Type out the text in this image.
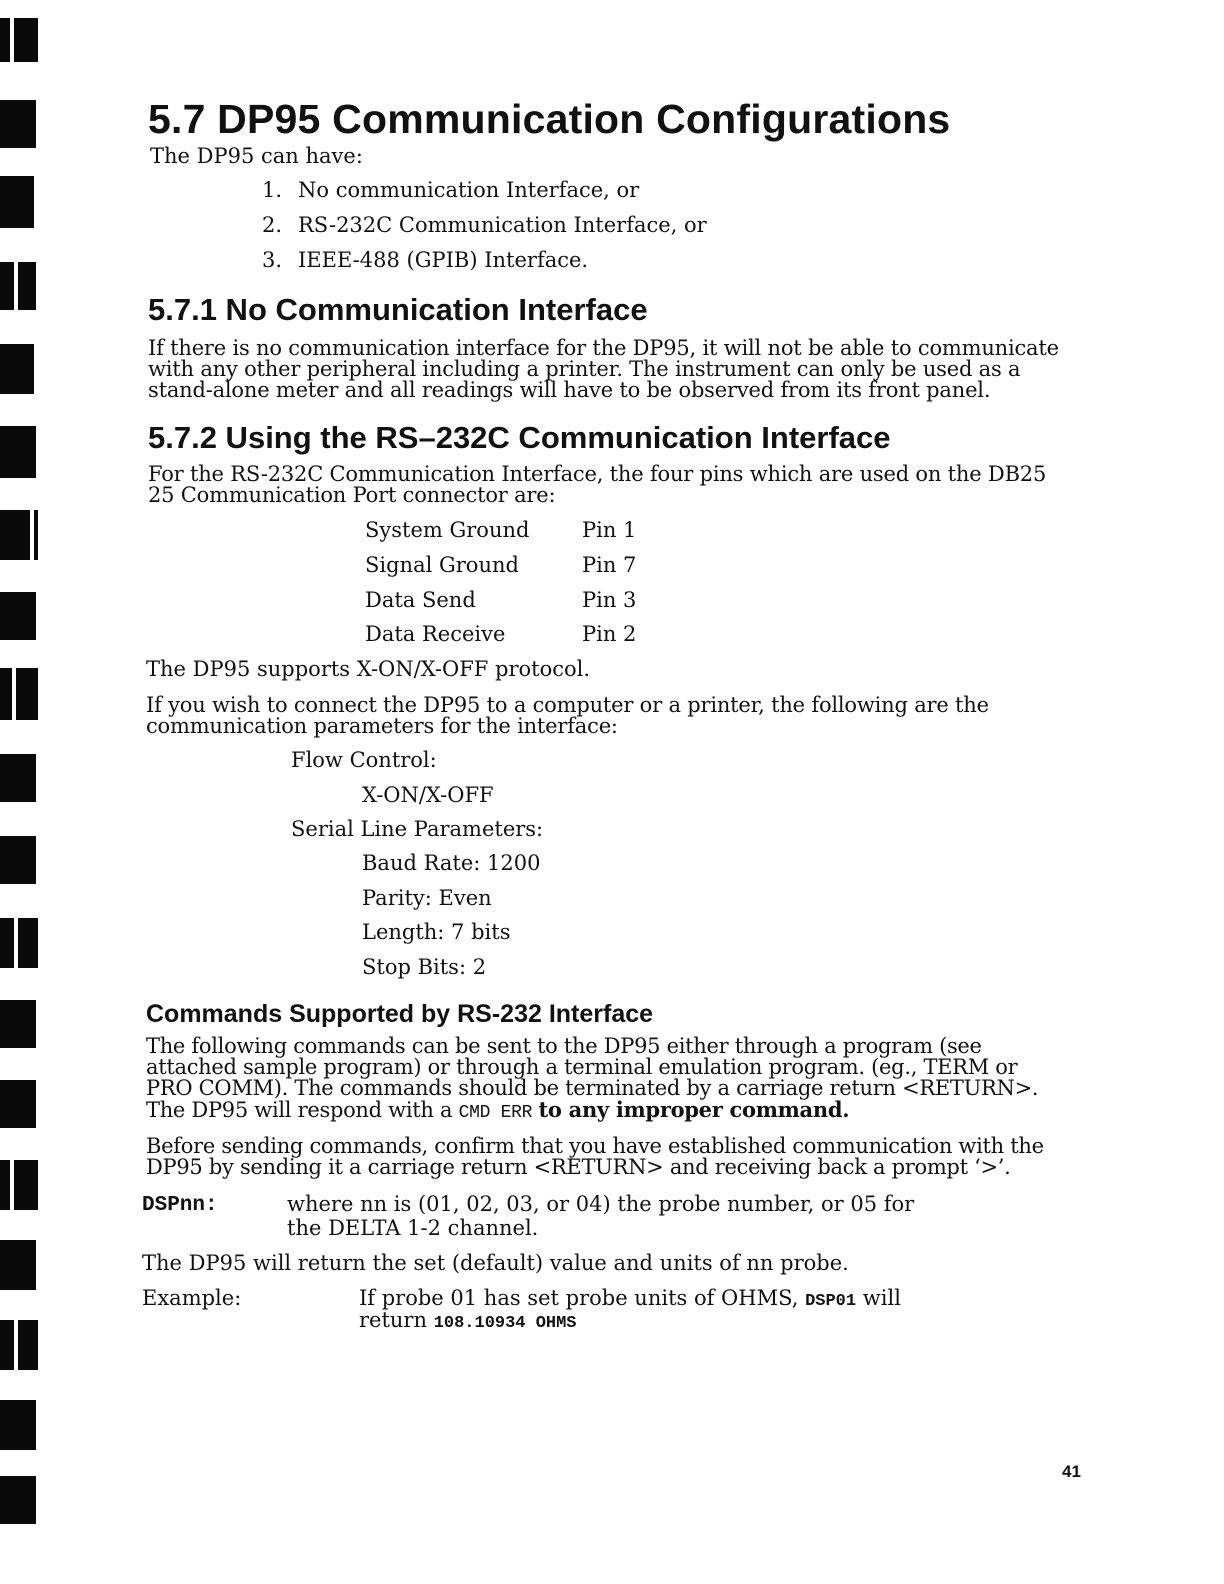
5.7 DP95 Communication Configurations
The DP95 can have:
1. No communication Interface, or
2. RS-232C Communication Interface, or
3. IEEE-488 (GPIB) Interface.
5.7.1 No Communication Interface
If there is no communication interface for the DP95, it will not be able to communicate
with any other peripheral including a printer. The instrument can only be used as a
stand-alone meter and all readings will have to be observed from its front panel.
5.7.2 Using the RS–232C Communication Interface
For the RS-232C Communication Interface, the four pins which are used on the DB25
25 Communication Port connector are:
System Ground	Pin 1
Signal Ground	Pin 7
Data Send	Pin 3
Data Receive	Pin 2
The DP95 supports X-ON/X-OFF protocol.
If you wish to connect the DP95 to a computer or a printer, the following are the
communication parameters for the interface:
Flow Control:
X-ON/X-OFF
Serial Line Parameters:
Baud Rate: 1200
Parity: Even
Length: 7 bits
Stop Bits: 2
Commands Supported by RS-232 Interface
The following commands can be sent to the DP95 either through a program (see
attached sample program) or through a terminal emulation program. (eg., TERM or
PRO COMM). The commands should be terminated by a carriage return <RETURN>.
The DP95 will respond with a CMD ERR to any improper command.
Before sending commands, confirm that you have established communication with the
DP95 by sending it a carriage return <RETURN> and receiving back a prompt ‘>’.
DSPnn:	where nn is (01, 02, 03, or 04) the probe number, or 05 for
the DELTA 1-2 channel.
The DP95 will return the set (default) value and units of nn probe.
Example:	If probe 01 has set probe units of OHMS, DSP01 will
return 108.10934 OHMS
41
